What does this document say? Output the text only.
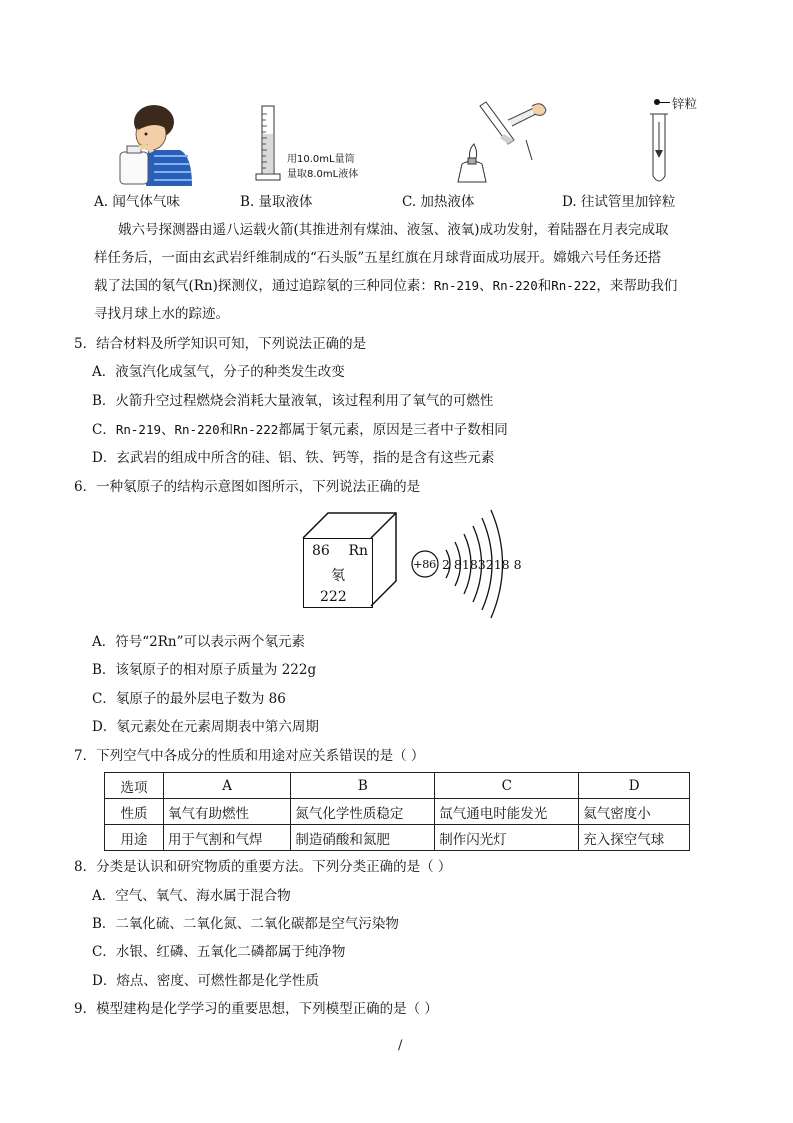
A. 闻气体气味
用10.0mL量筒
量取8.0mL液体
B. 量取液体	C. 加热液体
锌粒
D. 往试管里加锌粒
娥六号探测器由遥八运载火箭(其推进剂有煤油、液氢、液氧)成功发射，着陆器在月表完成取
样任务后，一面由玄武岩纤维制成的“石头版”五星红旗在月球背面成功展开。嫦娥六号任务还搭
载了法国的氡气(Rn)探测仪，通过追踪氡的三种同位素：Rn-219、Rn-220和Rn-222，来帮助我们
寻找月球上水的踪迹。
5．结合材料及所学知识可知，下列说法正确的是
A．液氢汽化成氢气，分子的种类发生改变
B．火箭升空过程燃烧会消耗大量液氧，该过程利用了氧气的可燃性
C．Rn-219、Rn-220和Rn-222都属于氡元素，原因是三者中子数相同
D．玄武岩的组成中所含的硅、铝、铁、钙等，指的是含有这些元素
6．一种氡原子的结构示意图如图所示，下列说法正确的是
86 Rn
氡
222
+86 2 8183218 8
A．符号“2Rn”可以表示两个氡元素
B．该氡原子的相对原子质量为 222g
C．氡原子的最外层电子数为 86
D．氡元素处在元素周期表中第六周期
7．下列空气中各成分的性质和用途对应关系错误的是（ ）
选项	A	B	C	D
性质	氧气有助燃性	氮气化学性质稳定	氙气通电时能发光	氦气密度小
用途	用于气割和气焊	制造硝酸和氮肥	制作闪光灯	充入探空气球
8．分类是认识和研究物质的重要方法。下列分类正确的是（ ）
A．空气、氧气、海水属于混合物
B．二氧化硫、二氧化氮、二氧化碳都是空气污染物
C．水银、红磷、五氧化二磷都属于纯净物
D．熔点、密度、可燃性都是化学性质
9．模型建构是化学学习的重要思想，下列模型正确的是（ ）
/
